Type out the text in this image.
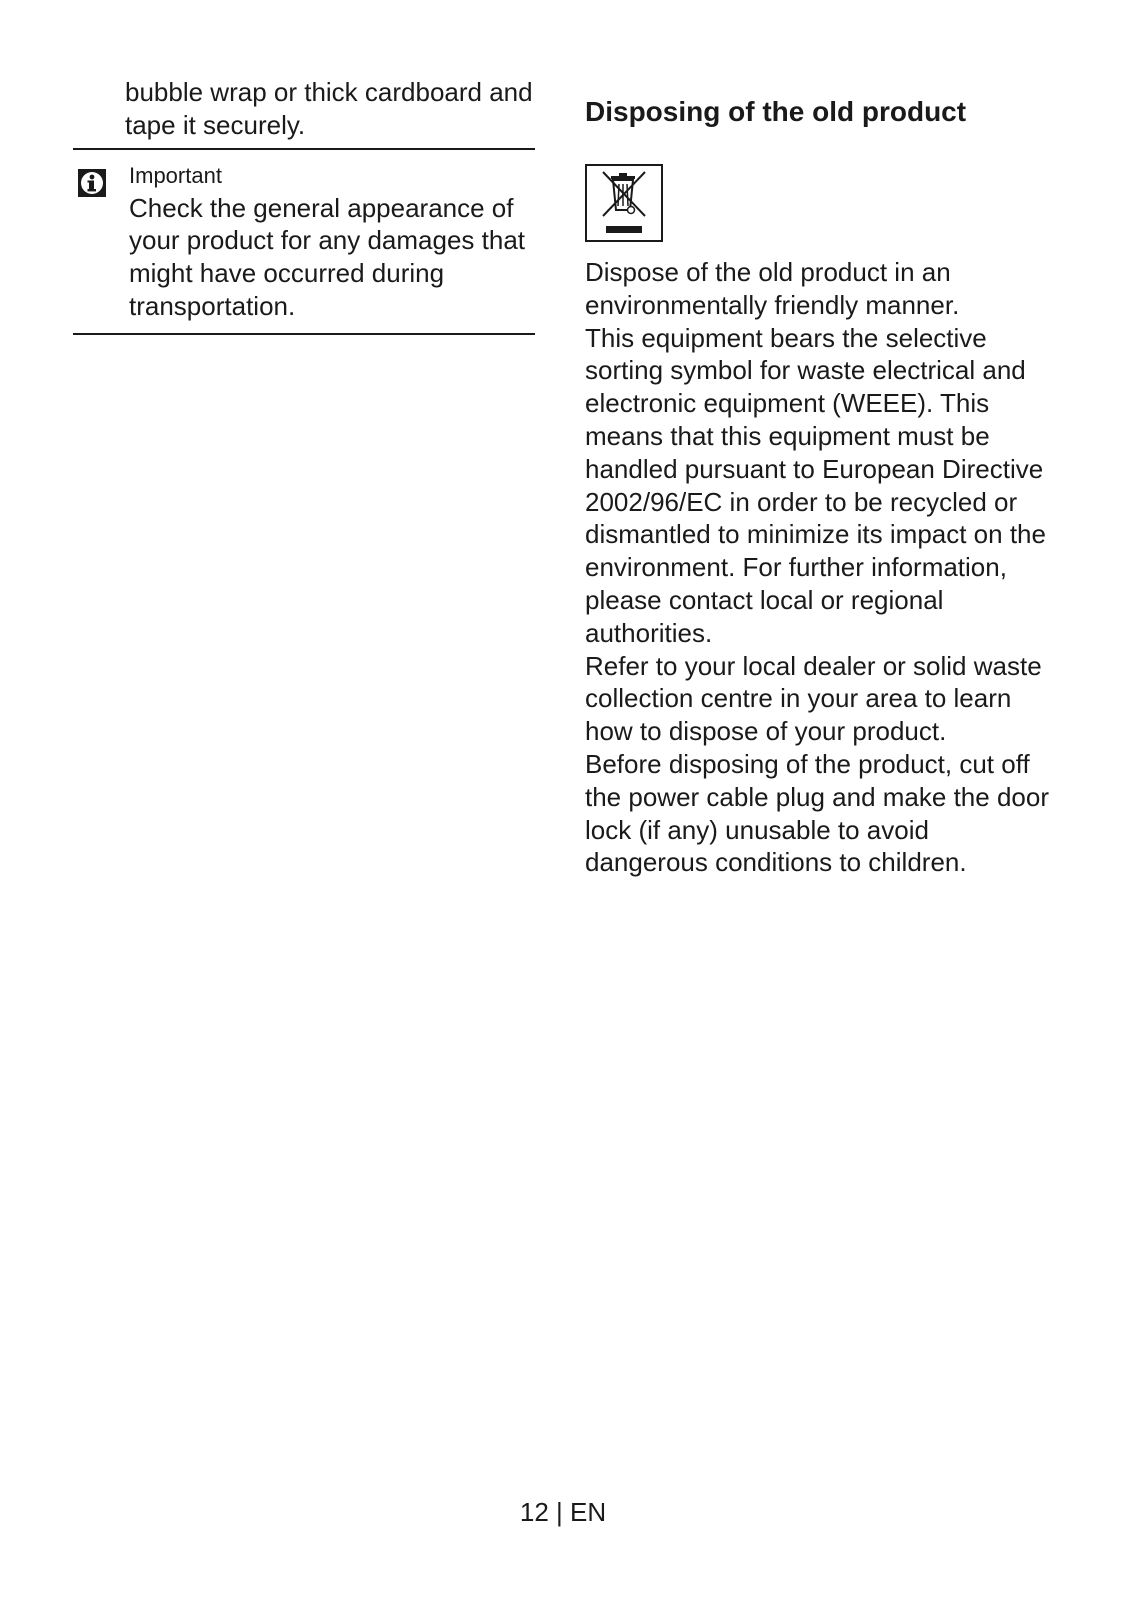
bubble wrap or thick cardboard and tape it securely.

Important

Check the general appearance of your product for any damages that might have occurred during transportation.

Disposing of the old product

Dispose of the old product in an environmentally friendly manner.

This equipment bears the selective sorting symbol for waste electrical and electronic equipment (WEEE). This means that this equipment must be handled pursuant to European Directive 2002/96/EC in order to be recycled or dismantled to minimize its impact on the environment. For further information, please contact local or regional authorities.

Refer to your local dealer or solid waste collection centre in your area to learn how to dispose of your product.

Before disposing of the product, cut off the power cable plug and make the door lock (if any) unusable to avoid dangerous conditions to children.

12 | EN
